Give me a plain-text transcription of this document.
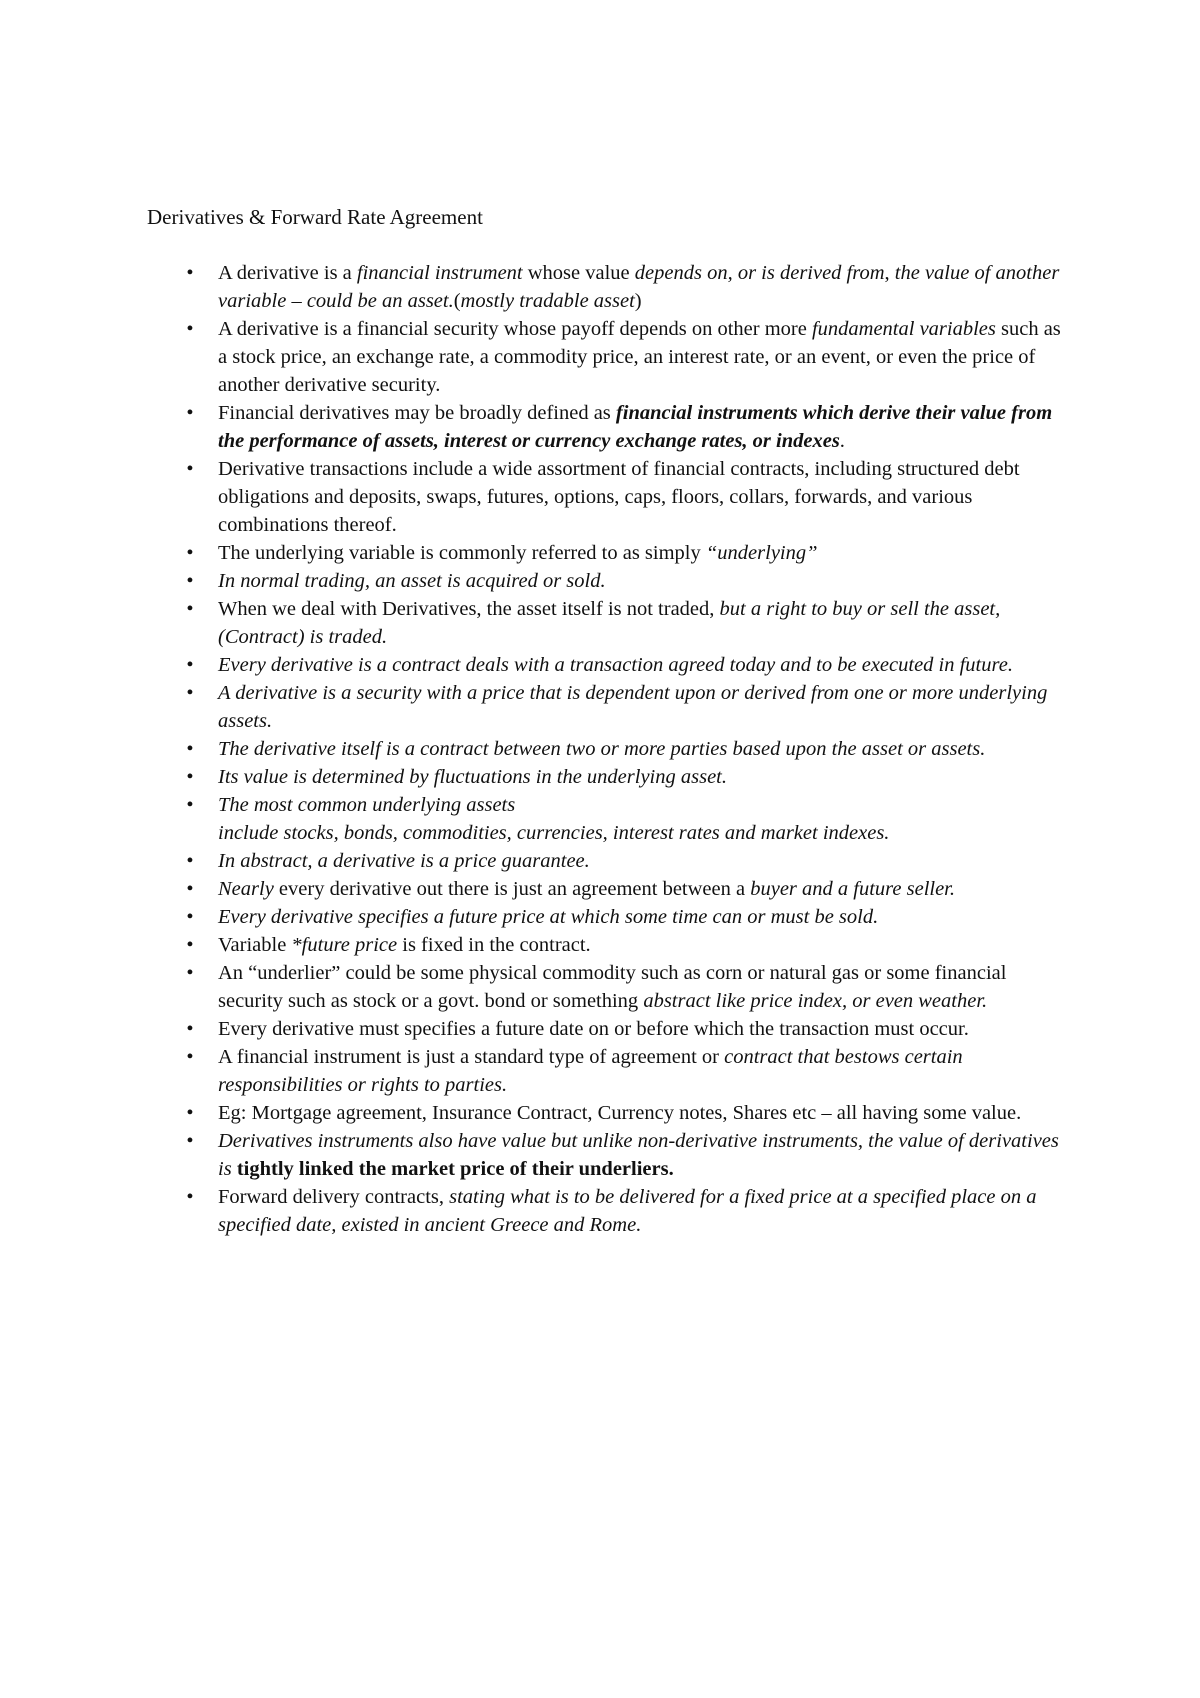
Derivatives & Forward Rate Agreement
• A derivative is a financial instrument whose value depends on, or is derived from, the value of another variable – could be an asset.(mostly tradable asset)
• A derivative is a financial security whose payoff depends on other more fundamental variables such as a stock price, an exchange rate, a commodity price, an interest rate, or an event, or even the price of another derivative security.
• Financial derivatives may be broadly defined as financial instruments which derive their value from the performance of assets, interest or currency exchange rates, or indexes.
• Derivative transactions include a wide assortment of financial contracts, including structured debt obligations and deposits, swaps, futures, options, caps, floors, collars, forwards, and various combinations thereof.
• The underlying variable is commonly referred to as simply “underlying”
• In normal trading, an asset is acquired or sold.
• When we deal with Derivatives, the asset itself is not traded, but a right to buy or sell the asset, (Contract) is traded.
• Every derivative is a contract deals with a transaction agreed today and to be executed in future.
• A derivative is a security with a price that is dependent upon or derived from one or more underlying assets.
• The derivative itself is a contract between two or more parties based upon the asset or assets.
• Its value is determined by fluctuations in the underlying asset.
• The most common underlying assets
include stocks, bonds, commodities, currencies, interest rates and market indexes.
• In abstract, a derivative is a price guarantee.
• Nearly every derivative out there is just an agreement between a buyer and a future seller.
• Every derivative specifies a future price at which some time can or must be sold.
• Variable *future price is fixed in the contract.
• An “underlier” could be some physical commodity such as corn or natural gas or some financial security such as stock or a govt. bond or something abstract like price index, or even weather.
• Every derivative must specifies a future date on or before which the transaction must occur.
• A financial instrument is just a standard type of agreement or contract that bestows certain responsibilities or rights to parties.
• Eg: Mortgage agreement, Insurance Contract, Currency notes, Shares etc – all having some value.
• Derivatives instruments also have value but unlike non-derivative instruments, the value of derivatives is tightly linked the market price of their underliers.
• Forward delivery contracts, stating what is to be delivered for a fixed price at a specified place on a specified date, existed in ancient Greece and Rome.
